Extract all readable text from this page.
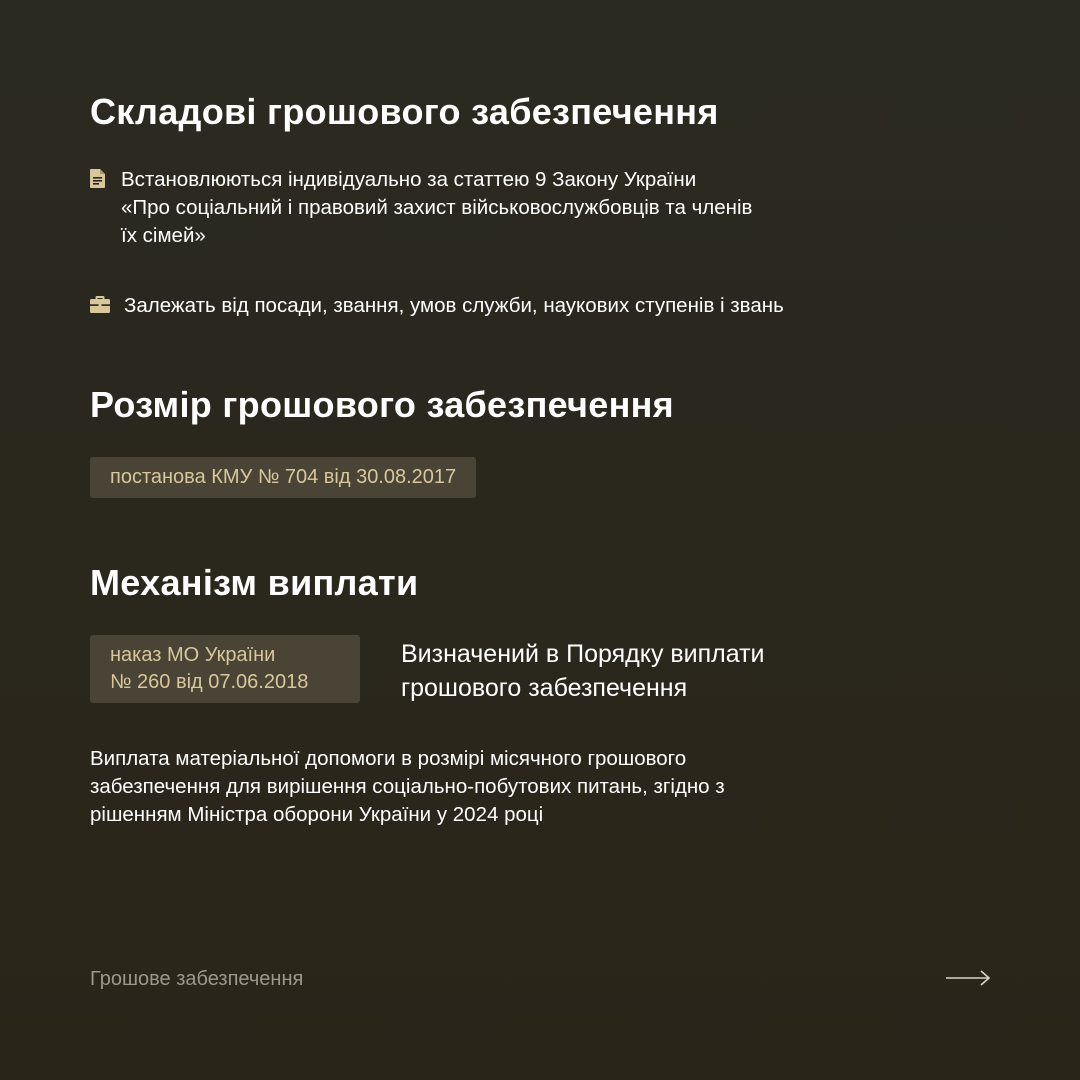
Складові грошового забезпечення
Встановлюються індивідуально за статтею 9 Закону України
«Про соціальний і правовий захист військовослужбовців та членів
їх сімей»
Залежать від посади, звання, умов служби, наукових ступенів і звань
Розмір грошового забезпечення
постанова КМУ № 704 від 30.08.2017
Механізм виплати
наказ МО України
№ 260 від 07.06.2018
Визначений в Порядку виплати
грошового забезпечення

Виплата матеріальної допомоги в розмірі місячного грошового
забезпечення для вирішення соціально-побутових питань, згідно з
рішенням Міністра оборони України у 2024 році

Грошове забезпечення
